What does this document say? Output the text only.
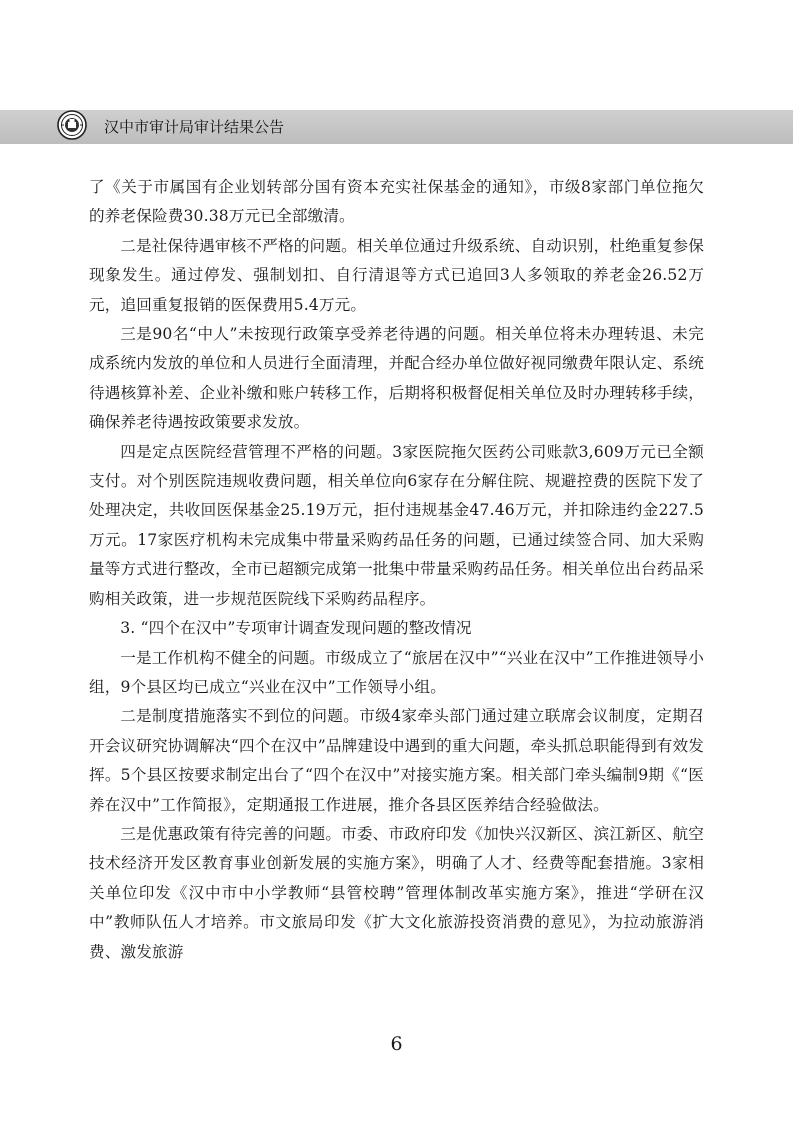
汉中市审计局审计结果公告

了《关于市属国有企业划转部分国有资本充实社保基金的通知》，市级8家部门单位拖欠的养老保险费30.38万元已全部缴清。

二是社保待遇审核不严格的问题。相关单位通过升级系统、自动识别，杜绝重复参保现象发生。通过停发、强制划扣、自行清退等方式已追回3人多领取的养老金26.52万元，追回重复报销的医保费用5.4万元。

三是90名“中人”未按现行政策享受养老待遇的问题。相关单位将未办理转退、未完成系统内发放的单位和人员进行全面清理，并配合经办单位做好视同缴费年限认定、系统待遇核算补差、企业补缴和账户转移工作，后期将积极督促相关单位及时办理转移手续，确保养老待遇按政策要求发放。

四是定点医院经营管理不严格的问题。3家医院拖欠医药公司账款3,609万元已全额支付。对个别医院违规收费问题，相关单位向6家存在分解住院、规避控费的医院下发了处理决定，共收回医保基金25.19万元，拒付违规基金47.46万元，并扣除违约金227.5万元。17家医疗机构未完成集中带量采购药品任务的问题，已通过续签合同、加大采购量等方式进行整改，全市已超额完成第一批集中带量采购药品任务。相关单位出台药品采购相关政策，进一步规范医院线下采购药品程序。

3. “四个在汉中”专项审计调查发现问题的整改情况

一是工作机构不健全的问题。市级成立了“旅居在汉中”“兴业在汉中”工作推进领导小组，9个县区均已成立“兴业在汉中”工作领导小组。

二是制度措施落实不到位的问题。市级4家牵头部门通过建立联席会议制度，定期召开会议研究协调解决“四个在汉中”品牌建设中遇到的重大问题，牵头抓总职能得到有效发挥。5个县区按要求制定出台了“四个在汉中”对接实施方案。相关部门牵头编制9期《“医养在汉中”工作简报》，定期通报工作进展，推介各县区医养结合经验做法。

三是优惠政策有待完善的问题。市委、市政府印发《加快兴汉新区、滨江新区、航空技术经济开发区教育事业创新发展的实施方案》，明确了人才、经费等配套措施。3家相关单位印发《汉中市中小学教师“县管校聘”管理体制改革实施方案》，推进“学研在汉中”教师队伍人才培养。市文旅局印发《扩大文化旅游投资消费的意见》，为拉动旅游消费、激发旅游

6
